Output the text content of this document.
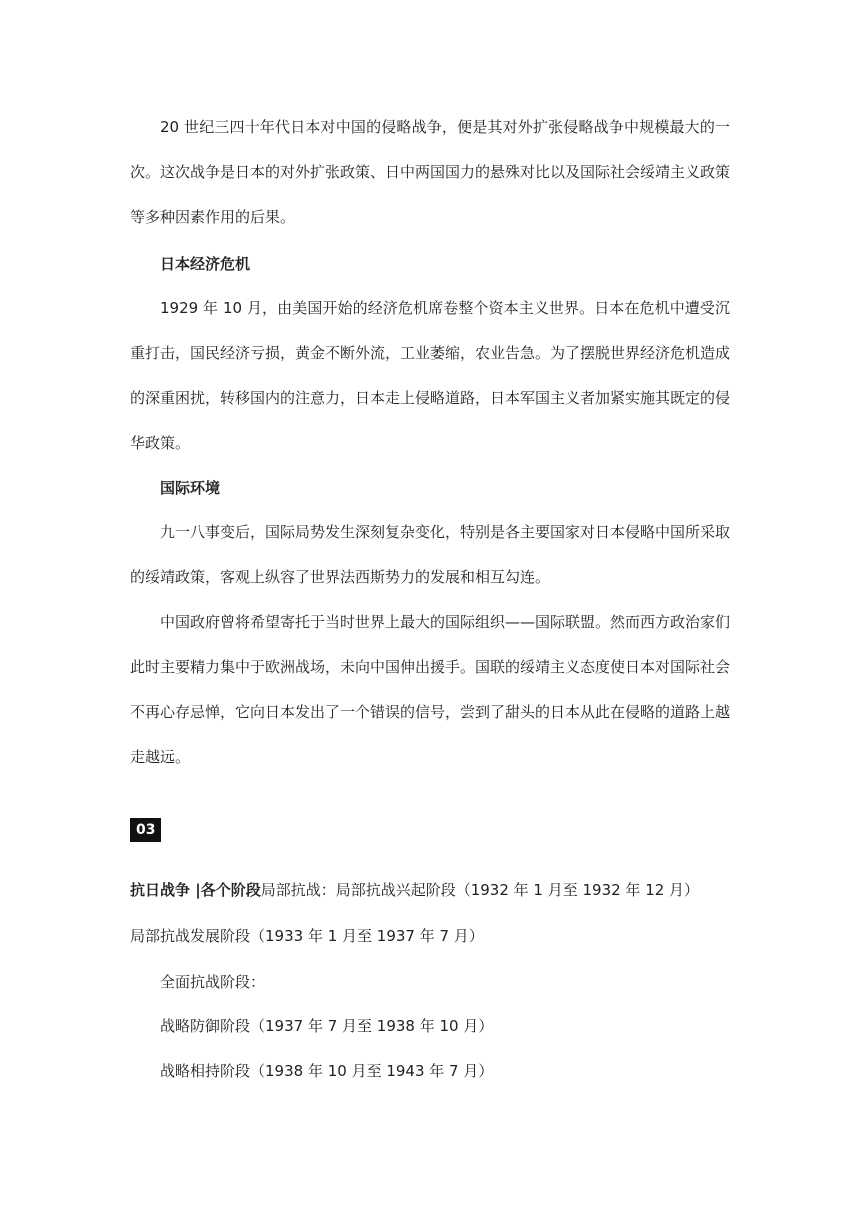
20 世纪三四十年代日本对中国的侵略战争，便是其对外扩张侵略战争中规模最大的一次。这次战争是日本的对外扩张政策、日中两国国力的悬殊对比以及国际社会绥靖主义政策等多种因素作用的后果。

日本经济危机

1929 年 10 月，由美国开始的经济危机席卷整个资本主义世界。日本在危机中遭受沉重打击，国民经济亏损，黄金不断外流，工业萎缩，农业告急。为了摆脱世界经济危机造成的深重困扰，转移国内的注意力，日本走上侵略道路，日本军国主义者加紧实施其既定的侵华政策。

国际环境

九一八事变后，国际局势发生深刻复杂变化，特别是各主要国家对日本侵略中国所采取的绥靖政策，客观上纵容了世界法西斯势力的发展和相互勾连。

中国政府曾将希望寄托于当时世界上最大的国际组织——国际联盟。然而西方政治家们此时主要精力集中于欧洲战场，未向中国伸出援手。国联的绥靖主义态度使日本对国际社会不再心存忌惮，它向日本发出了一个错误的信号，尝到了甜头的日本从此在侵略的道路上越走越远。

03

抗日战争 |各个阶段局部抗战：局部抗战兴起阶段（1932 年 1 月至 1932 年 12 月）

局部抗战发展阶段（1933 年 1 月至 1937 年 7 月）

全面抗战阶段：

战略防御阶段（1937 年 7 月至 1938 年 10 月）

战略相持阶段（1938 年 10 月至 1943 年 7 月）
